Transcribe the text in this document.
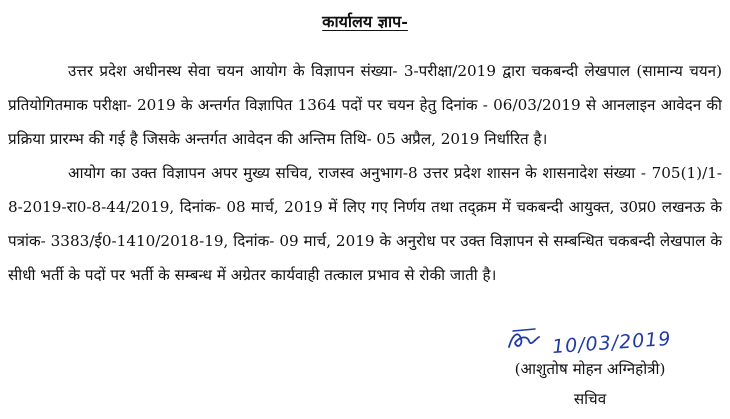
कार्यालय ज्ञाप-

उत्तर प्रदेश अधीनस्थ सेवा चयन आयोग के विज्ञापन संख्या- 3-परीक्षा/2019 द्वारा चकबन्दी लेखपाल (सामान्य चयन) प्रतियोगितमाक परीक्षा- 2019 के अन्तर्गत विज्ञापित 1364 पदों पर चयन हेतु दिनांक - 06/03/2019 से आनलाइन आवेदन की प्रक्रिया प्रारम्भ की गई है जिसके अन्तर्गत आवेदन की अन्तिम तिथि- 05 अप्रैल, 2019 निर्धारित है।

आयोग का उक्त विज्ञापन अपर मुख्य सचिव, राजस्व अनुभाग-8 उत्तर प्रदेश शासन के शासनादेश संख्या - 705(1)/1-8-2019-रा0-8-44/2019, दिनांक- 08 मार्च, 2019 में लिए गए निर्णय तथा तद्क्रम में चकबन्दी आयुक्त, उ0प्र0 लखनऊ के पत्रांक- 3383/ई0-1410/2018-19, दिनांक- 09 मार्च, 2019 के अनुरोध पर उक्त विज्ञापन से सम्बन्धित चकबन्दी लेखपाल के सीधी भर्ती के पदों पर भर्ती के सम्बन्ध में अग्रेतर कार्यवाही तत्काल प्रभाव से रोकी जाती है।

10/03/2019
(आशुतोष मोहन अग्निहोत्री)
सचिव
